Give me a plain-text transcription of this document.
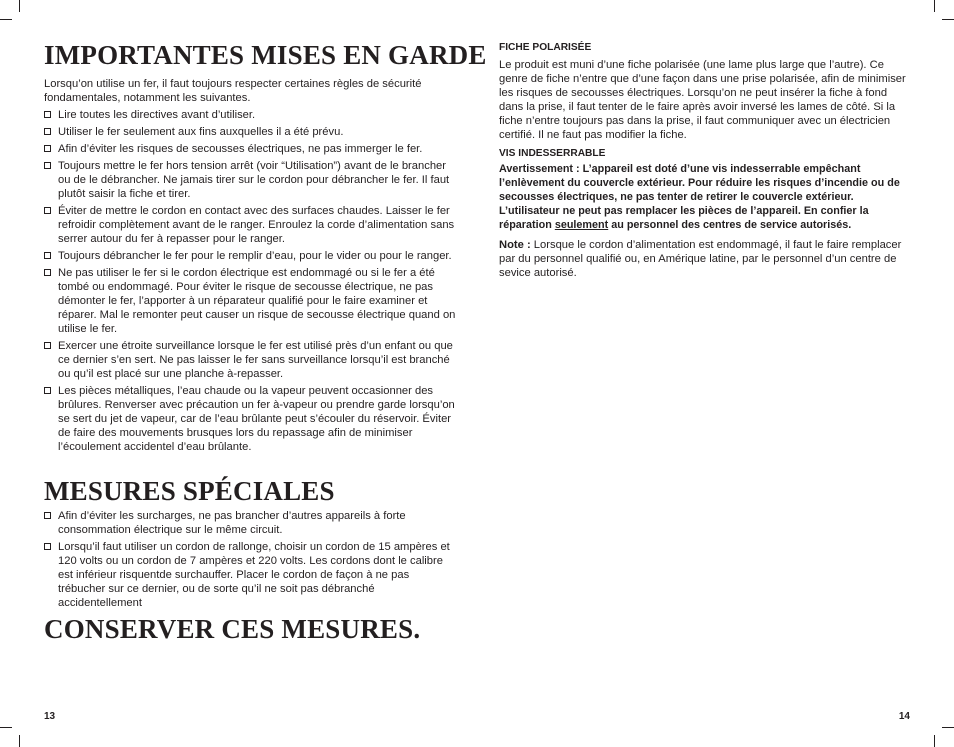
IMPORTANTES MISES EN GARDE

Lorsqu’on utilise un fer, il faut toujours respecter certaines règles de sécurité fondamentales, notamment les suivantes.

Lire toutes les directives avant d’utiliser.
Utiliser le fer seulement aux fins auxquelles il a été prévu.
Afin d’éviter les risques de secousses électriques, ne pas immerger le fer.
Toujours mettre le fer hors tension arrêt (voir “Utilisation”) avant de le brancher ou de le débrancher. Ne jamais tirer sur le cordon pour débrancher le fer. Il faut plutôt saisir la fiche et tirer.
Éviter de mettre le cordon en contact avec des surfaces chaudes. Laisser le fer refroidir complètement avant de le ranger. Enroulez la corde d’alimentation sans serrer autour du fer à repasser pour le ranger.
Toujours débrancher le fer pour le remplir d’eau, pour le vider ou pour le ranger.
Ne pas utiliser le fer si le cordon électrique est endommagé ou si le fer a été tombé ou endommagé. Pour éviter le risque de secousse électrique, ne pas démonter le fer, l’apporter à un réparateur qualifié pour le faire examiner et réparer. Mal le remonter peut causer un risque de secousse électrique quand on utilise le fer.
Exercer une étroite surveillance lorsque le fer est utilisé près d’un enfant ou que ce dernier s’en sert. Ne pas laisser le fer sans surveillance lorsqu’il est branché ou qu’il est placé sur une planche à-repasser.
Les pièces métalliques, l’eau chaude ou la vapeur peuvent occasionner des brûlures. Renverser avec précaution un fer à-vapeur ou prendre garde lorsqu’on se sert du jet de vapeur, car de l’eau brûlante peut s’écouler du réservoir. Éviter de faire des mouvements brusques lors du repassage afin de minimiser l’écoulement accidentel d’eau brûlante.
MESURES SPÉCIALES
Afin d’éviter les surcharges, ne pas brancher d’autres appareils à forte consommation électrique sur le même circuit.
Lorsqu’il faut utiliser un cordon de rallonge, choisir un cordon de 15 ampères et 120 volts ou un cordon de 7 ampères et 220 volts. Les cordons dont le calibre est inférieur risquentde surchauffer. Placer le cordon de façon à ne pas trébucher sur ce dernier, ou de sorte qu’il ne soit pas débranché accidentellement
CONSERVER CES MESURES.
13

FICHE POLARISÉE

Le produit est muni d’une fiche polarisée (une lame plus large que l’autre). Ce genre de fiche n’entre que d’une façon dans une prise polarisée, afin de minimiser les risques de secousses électriques. Lorsqu’on ne peut insérer la fiche à fond dans la prise, il faut tenter de le faire après avoir inversé les lames de côté. Si la fiche n’entre toujours pas dans la prise, il faut communiquer avec un électricien certifié. Il ne faut pas modifier la fiche.

VIS INDESSERRABLE

Avertissement : L’appareil est doté d’une vis indesserrable empêchant l’enlèvement du couvercle extérieur. Pour réduire les risques d’incendie ou de secousses électriques, ne pas tenter de retirer le couvercle extérieur. L’utilisateur ne peut pas remplacer les pièces de l’appareil. En confier la réparation seulement au personnel des centres de service autorisés.

Note : Lorsque le cordon d’alimentation est endommagé, il faut le faire remplacer par du personnel qualifié ou, en Amérique latine, par le personnel d’un centre de sevice autorisé.

14
